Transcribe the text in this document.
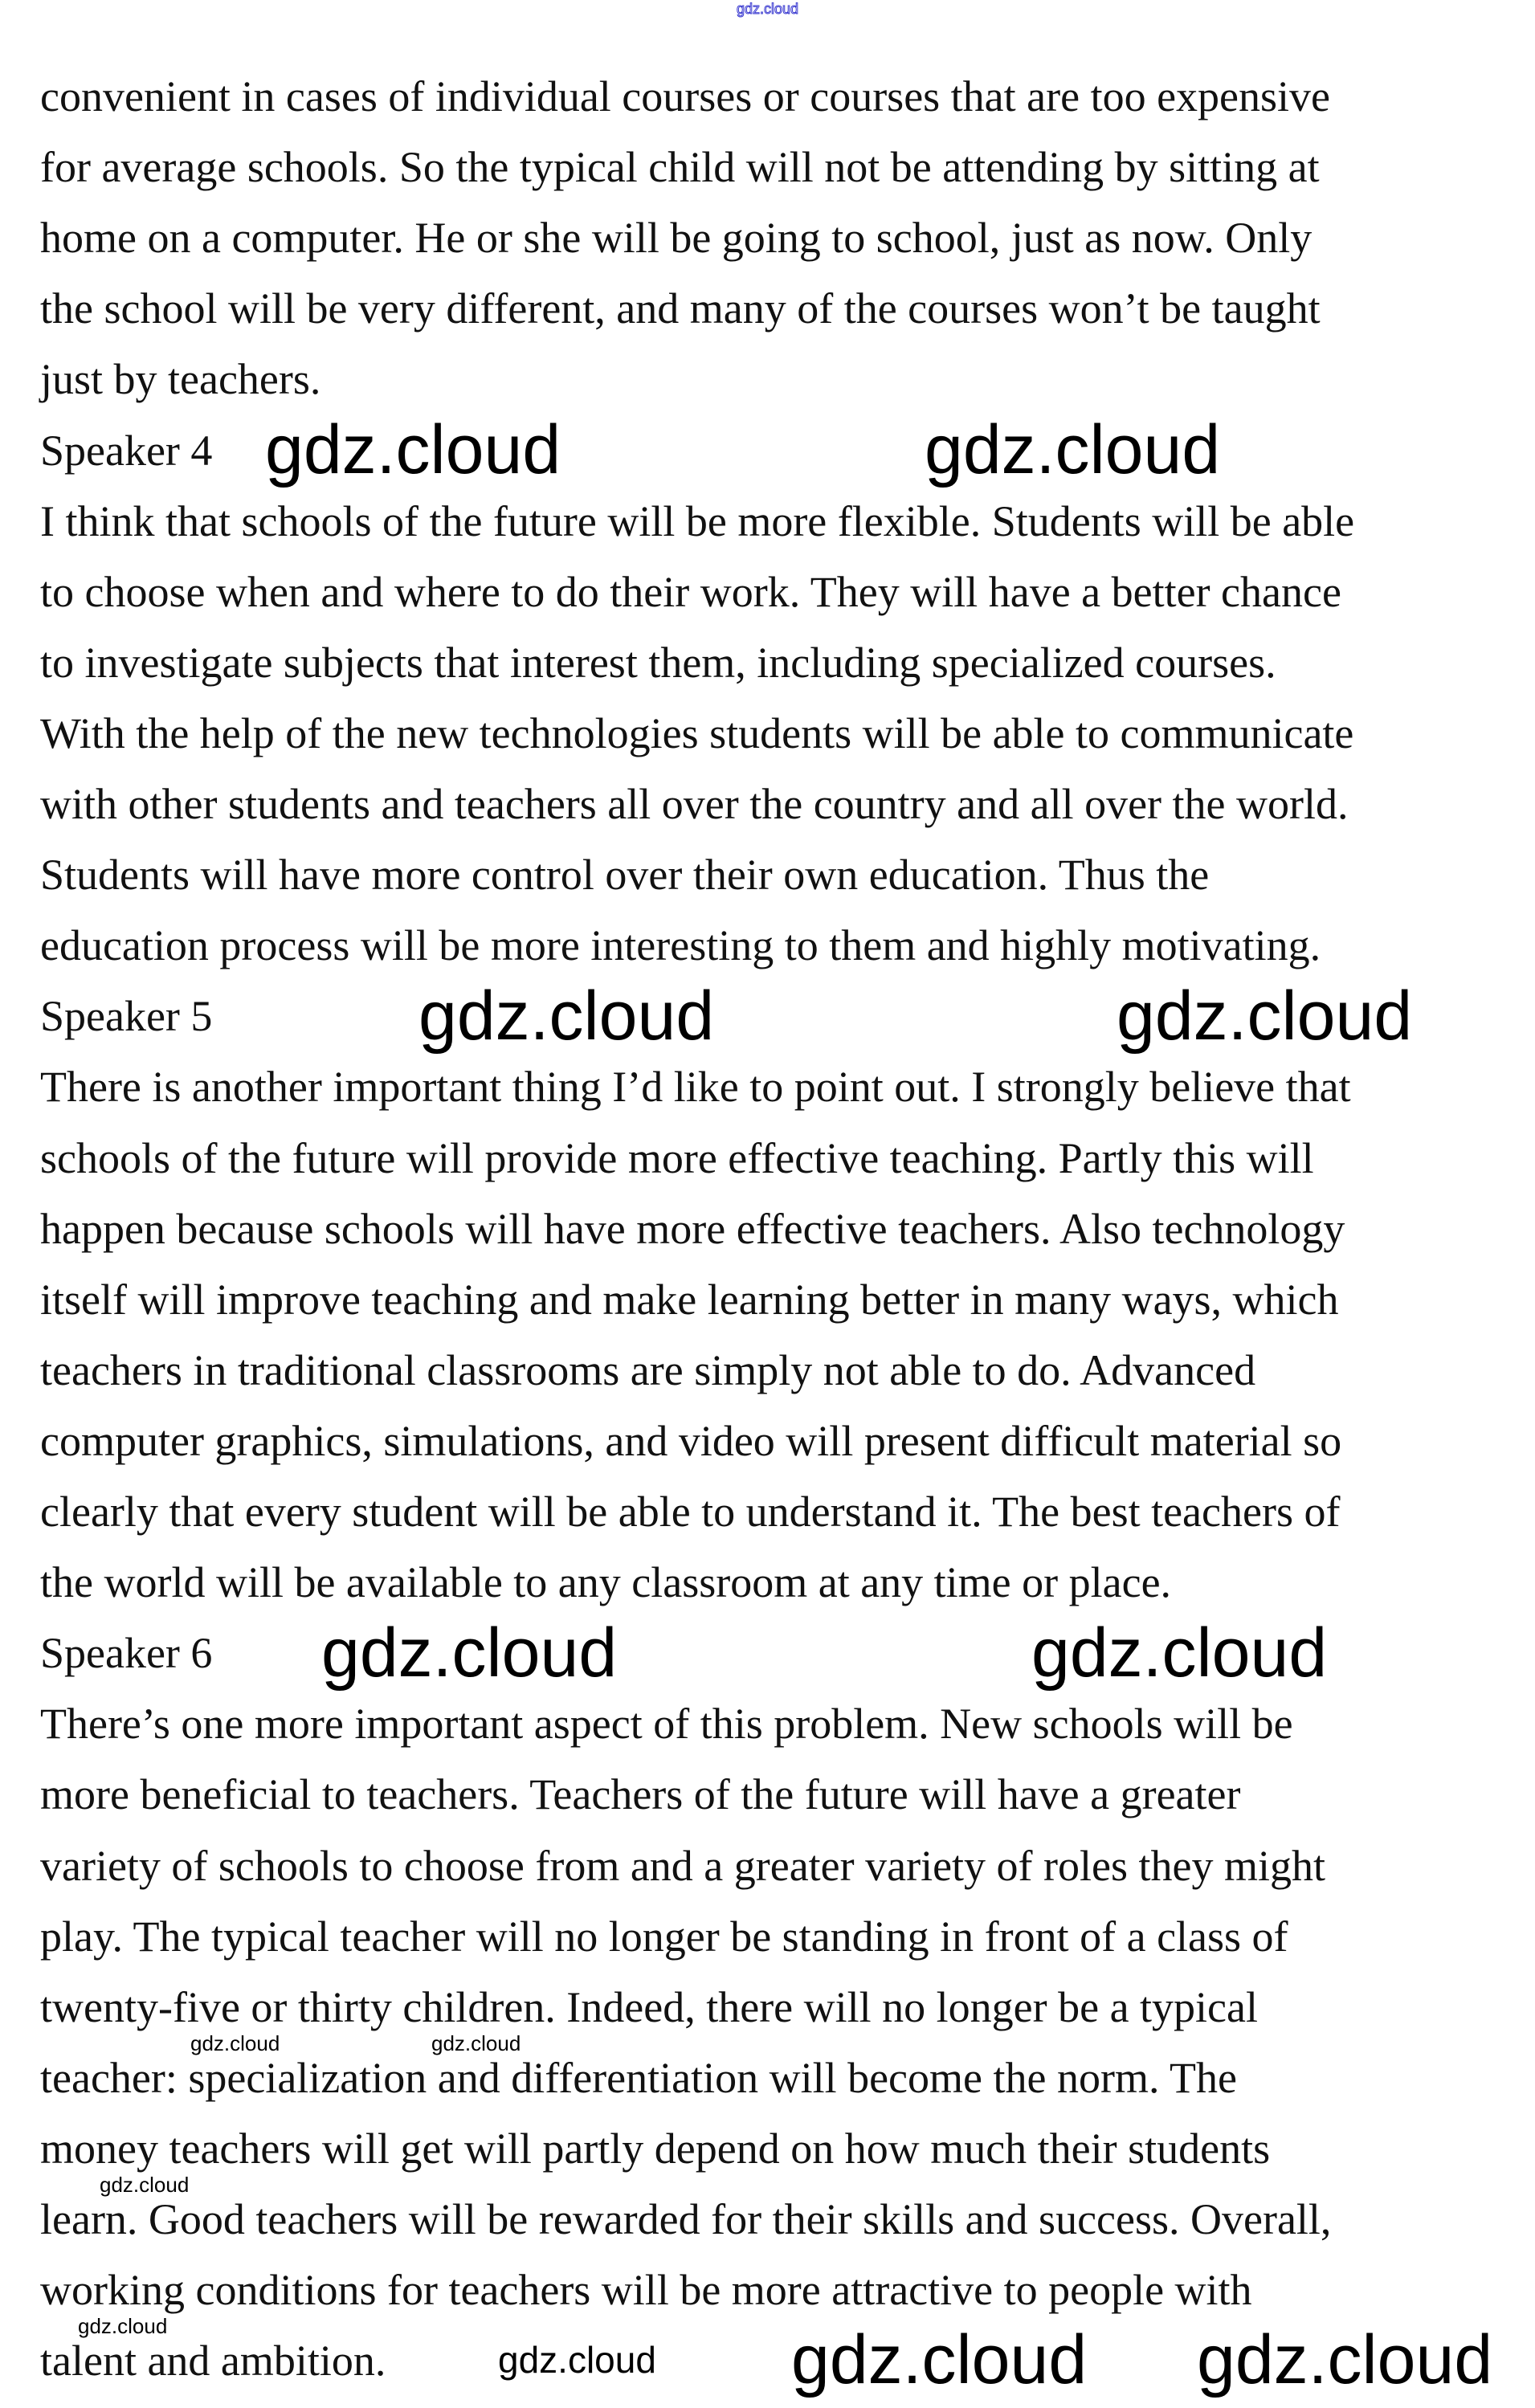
convenient in cases of individual courses or courses that are too expensive
for average schools. So the typical child will not be attending by sitting at
home on a computer. He or she will be going to school, just as now. Only
the school will be very different, and many of the courses won’t be taught
just by teachers.
Speaker 4
I think that schools of the future will be more flexible. Students will be able
to choose when and where to do their work. They will have a better chance
to investigate subjects that interest them, including specialized courses.
With the help of the new technologies students will be able to communicate
with other students and teachers all over the country and all over the world.
Students will have more control over their own education. Thus the
education process will be more interesting to them and highly motivating.
Speaker 5
There is another important thing I’d like to point out. I strongly believe that
schools of the future will provide more effective teaching. Partly this will
happen because schools will have more effective teachers. Also technology
itself will improve teaching and make learning better in many ways, which
teachers in traditional classrooms are simply not able to do. Advanced
computer graphics, simulations, and video will present difficult material so
clearly that every student will be able to understand it. The best teachers of
the world will be available to any classroom at any time or place.
Speaker 6
There’s one more important aspect of this problem. New schools will be
more beneficial to teachers. Teachers of the future will have a greater
variety of schools to choose from and a greater variety of roles they might
play. The typical teacher will no longer be standing in front of a class of
twenty-five or thirty children. Indeed, there will no longer be a typical
teacher: specialization and differentiation will become the norm. The
money teachers will get will partly depend on how much their students
learn. Good teachers will be rewarded for their skills and success. Overall,
working conditions for teachers will be more attractive to people with
talent and ambition.
gdz.cloud
gdz.cloud	gdz.cloud
gdz.cloud	gdz.cloud
gdz.cloud	gdz.cloud
gdz.cloud gdz.cloud
gdz.cloud
gdz.cloud	gdz.cloud
gdz.cloud
gdz.cloud
